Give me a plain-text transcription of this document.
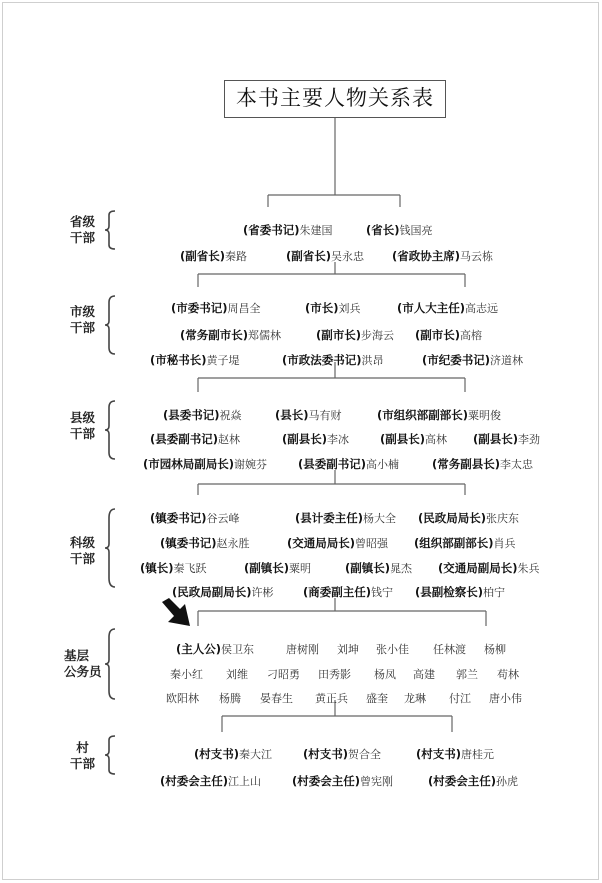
本书主要人物关系表
省级
干部
市级
干部
县级
干部
科级
干部
基层
公务员
村
干部
(省委书记)朱建国	(省长)钱国亮
(副省长)秦路	(副省长)吴永忠 (省政协主席)马云栋
(市委书记)周昌全	(市长)刘兵	(市人大主任)高志远
(常务副市长)郑儒林	(副市长)步海云 (副市长)高榕
(市秘书长)黄子堤	(市政法委书记)洪昂	(市纪委书记)济道林
(县委书记)祝焱	(县长)马有财	(市组织部副部长)粟明俊
(县委副书记)赵林	(副县长)李冰	(副县长)高林 (副县长)李劲
(市园林局副局长)谢婉芬	(县委副书记)高小楠	(常务副县长)李太忠
(镇委书记)谷云峰	(县计委主任)杨大全 (民政局局长)张庆东
(镇委书记)赵永胜	(交通局局长)曾昭强 (组织部副部长)肖兵
(镇长)秦飞跃	(副镇长)粟明	(副镇长)晁杰 (交通局副局长)朱兵
(民政局副局长)许彬	(商委副主任)钱宁 (县副检察长)柏宁
(主人公)侯卫东	唐树刚 刘坤 张小佳 任林渡 杨柳
秦小红 刘维 刁昭勇 田秀影 杨凤 高建 郭兰 苟林
欧阳林 杨腾 晏春生 黄正兵 盛奎 龙琳 付江 唐小伟
(村支书)秦大江	(村支书)贺合全	(村支书)唐桂元
(村委会主任)江上山	(村委会主任)曾宪刚	(村委会主任)孙虎
